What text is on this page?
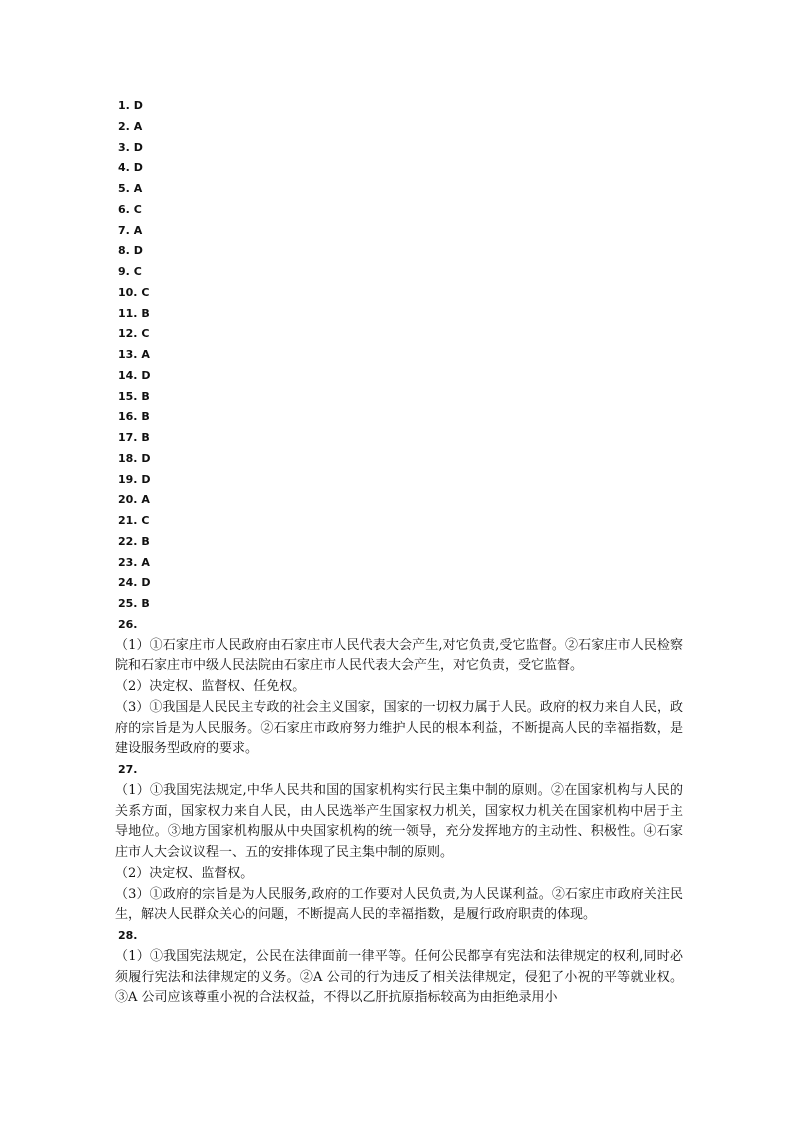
1. D
2. A
3. D
4. D
5. A
6. C
7. A
8. D
9. C
10. C
11. B
12. C
13. A
14. D
15. B
16. B
17. B
18. D
19. D
20. A
21. C
22. B
23. A
24. D
25. B
26.

（1）①石家庄市人民政府由石家庄市人民代表大会产生,对它负责,受它监督。②石家庄市人民检察院和石家庄市中级人民法院由石家庄市人民代表大会产生，对它负责，受它监督。

（2）决定权、监督权、任免权。

（3）①我国是人民民主专政的社会主义国家，国家的一切权力属于人民。政府的权力来自人民，政府的宗旨是为人民服务。②石家庄市政府努力维护人民的根本利益，不断提高人民的幸福指数，是建设服务型政府的要求。

27.

（1）①我国宪法规定,中华人民共和国的国家机构实行民主集中制的原则。②在国家机构与人民的关系方面，国家权力来自人民，由人民选举产生国家权力机关，国家权力机关在国家机构中居于主导地位。③地方国家机构服从中央国家机构的统一领导，充分发挥地方的主动性、积极性。④石家庄市人大会议议程一、五的安排体现了民主集中制的原则。

（2）决定权、监督权。

（3）①政府的宗旨是为人民服务,政府的工作要对人民负责,为人民谋利益。②石家庄市政府关注民生，解决人民群众关心的问题，不断提高人民的幸福指数，是履行政府职责的体现。

28.

（1）①我国宪法规定，公民在法律面前一律平等。任何公民都享有宪法和法律规定的权利,同时必须履行宪法和法律规定的义务。②A 公司的行为违反了相关法律规定，侵犯了小祝的平等就业权。③A 公司应该尊重小祝的合法权益，不得以乙肝抗原指标较高为由拒绝录用小
